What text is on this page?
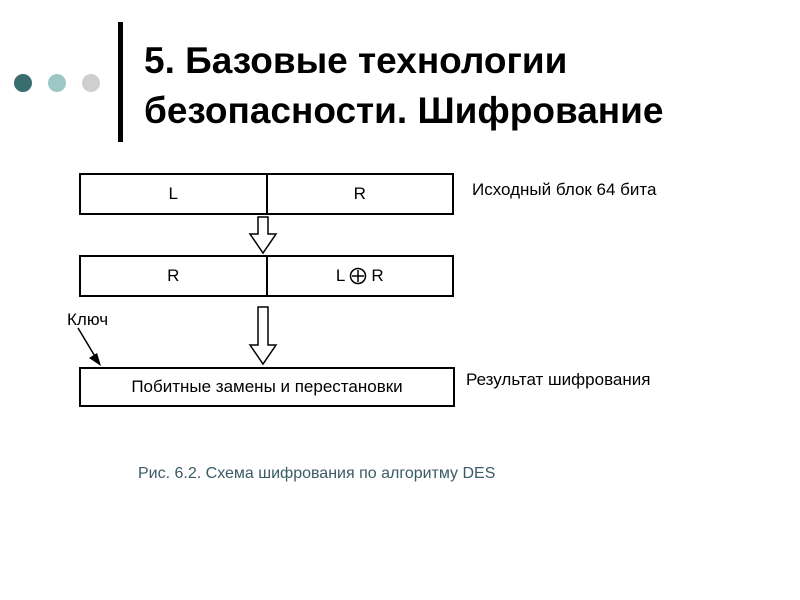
5. Базовые технологии
безопасности. Шифрование
L	R	Исходный блок 64 бита
R	L R
Побитные замены и перестановки	Результат шифрования
Ключ
Рис. 6.2. Схема шифрования по алгоритму DES
